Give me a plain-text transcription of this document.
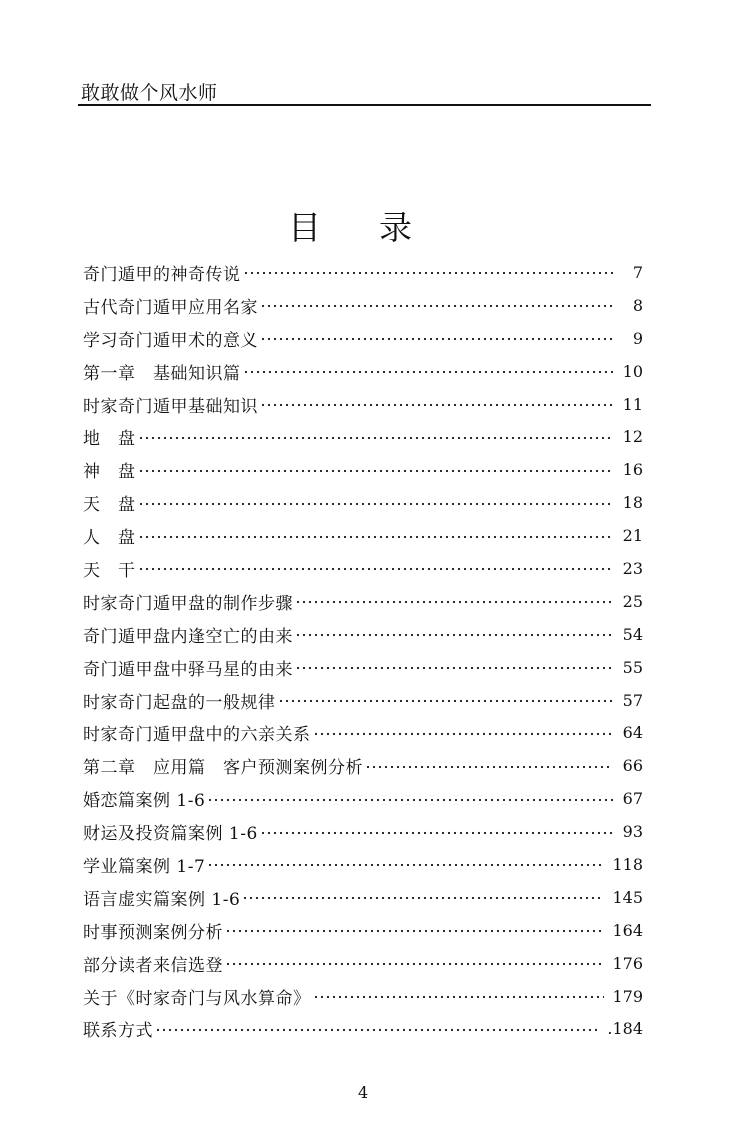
敢敢做个风水师
目 录
奇门遁甲的神奇传说	7
古代奇门遁甲应用名家	8
学习奇门遁甲术的意义	9
第一章　基础知识篇	10
时家奇门遁甲基础知识	11
地　盘	12
神　盘	16
天　盘	18
人　盘	21
天　干	23
时家奇门遁甲盘的制作步骤	25
奇门遁甲盘内逢空亡的由来	54
奇门遁甲盘中驿马星的由来	55
时家奇门起盘的一般规律	57
时家奇门遁甲盘中的六亲关系	64
第二章　应用篇　客户预测案例分析	66
婚恋篇案例 1-6	67
财运及投资篇案例 1-6	93
学业篇案例 1-7	118
语言虚实篇案例 1-6	145
时事预测案例分析	164
部分读者来信选登	176
关于《时家奇门与风水算命》	179
联系方式	.184
4
